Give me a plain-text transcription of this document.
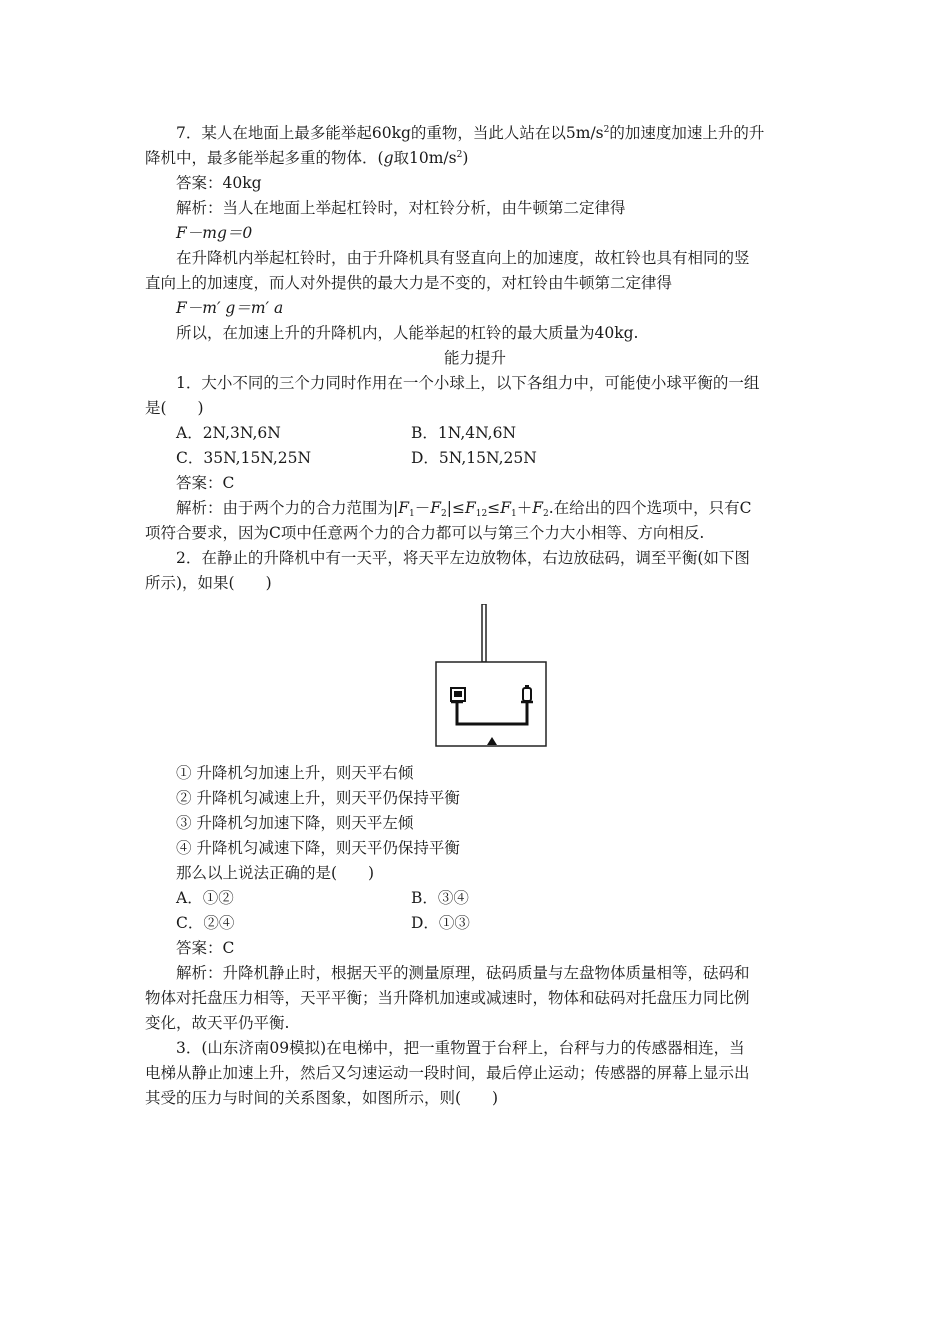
7．某人在地面上最多能举起60kg的重物，当此人站在以$5m/s^2$的加速度加速上升的升
降机中，最多能举起多重的物体．(g取$10m/s^2$)
答案：40kg
解析：当人在地面上举起杠铃时，对杠铃分析，由牛顿第二定律得
F－mg＝0
在升降机内举起杠铃时，由于升降机具有竖直向上的加速度，故杠铃也具有相同的竖
直向上的加速度，而人对外提供的最大力是不变的，对杠铃由牛顿第二定律得
F－m′ g＝m′ a
所以，在加速上升的升降机内，人能举起的杠铃的最大质量为40kg.
能力提升
1．大小不同的三个力同时作用在一个小球上，以下各组力中，可能使小球平衡的一组
是(　　)
A．2N,3N,6N	B．1N,4N,6N
C．35N,15N,25N	D．5N,15N,25N
答案：C
解析：由于两个力的合力范围为$|F_1-F_2|\le F_{12}\le F_1+F_2$.在给出的四个选项中，只有C
项符合要求，因为C项中任意两个力的合力都可以与第三个力大小相等、方向相反.
2．在静止的升降机中有一天平，将天平左边放物体，右边放砝码，调至平衡(如下图
所示)，如果(　　)
① 升降机匀加速上升，则天平右倾
② 升降机匀减速上升，则天平仍保持平衡
③ 升降机匀加速下降，则天平左倾
④ 升降机匀减速下降，则天平仍保持平衡
那么以上说法正确的是(　　)
A．①②	B．③④
C．②④	D．①③
答案：C
解析：升降机静止时，根据天平的测量原理，砝码质量与左盘物体质量相等，砝码和
物体对托盘压力相等，天平平衡；当升降机加速或减速时，物体和砝码对托盘压力同比例
变化，故天平仍平衡.
3．(山东济南09模拟)在电梯中，把一重物置于台秤上，台秤与力的传感器相连，当
电梯从静止加速上升，然后又匀速运动一段时间，最后停止运动；传感器的屏幕上显示出
其受的压力与时间的关系图象，如图所示，则(　　)
